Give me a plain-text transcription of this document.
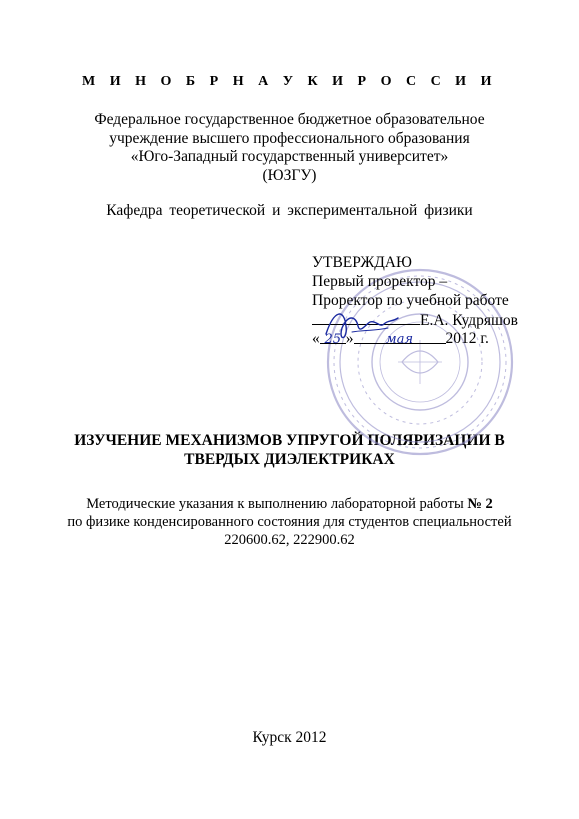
М И Н О Б Р Н А У К И Р О С С И И
Федеральное государственное бюджетное образовательное
учреждение высшего профессионального образования
«Юго-Западный государственный университет»
(ЮЗГУ)
Кафедра теоретической и экспериментальной физики
УТВЕРЖДАЮ
Первый проректор –
Проректор по учебной работе
Е.А. Кудряшов
« 25 » мая 2012 г.
ИЗУЧЕНИЕ МЕХАНИЗМОВ УПРУГОЙ ПОЛЯРИЗАЦИИ В
ТВЕРДЫХ ДИЭЛЕКТРИКАХ
Методические указания к выполнению лабораторной работы № 2
по физике конденсированного состояния для студентов специальностей
220600.62, 222900.62
Курск 2012
